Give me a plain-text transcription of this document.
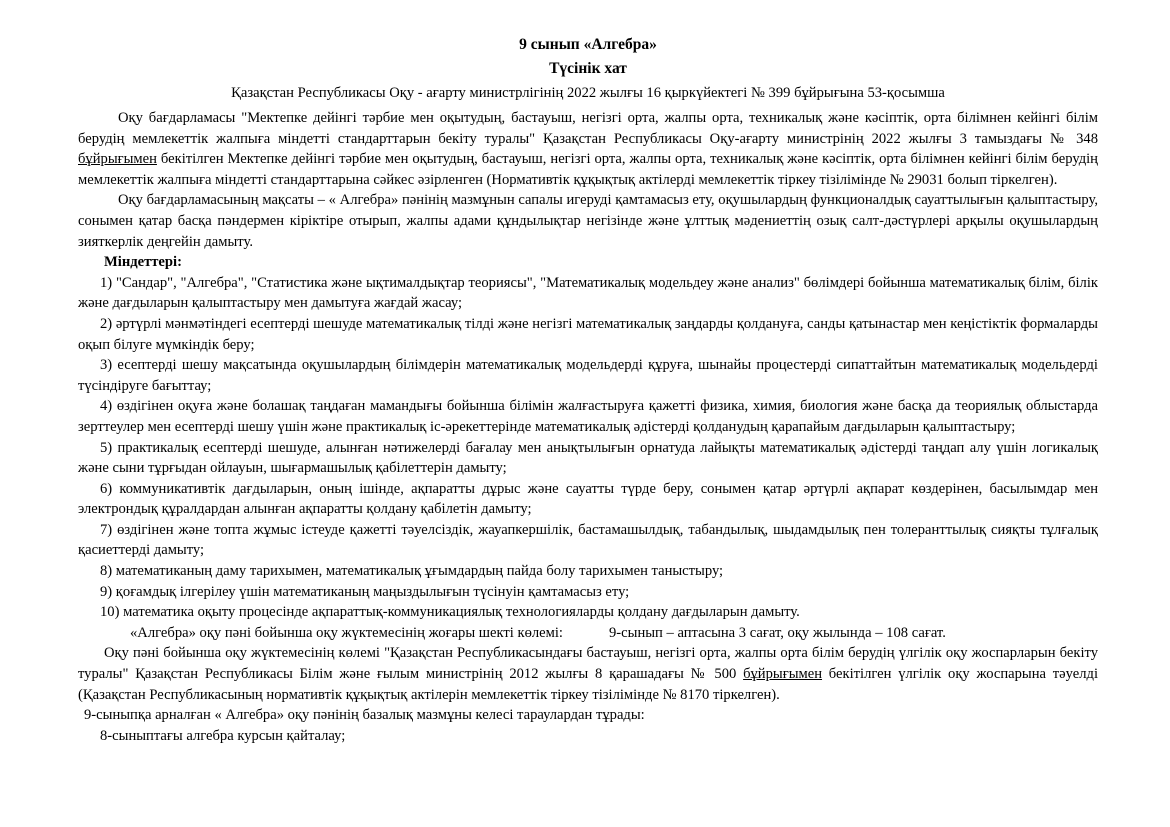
9 сынып «Алгебра»
Түсінік хат
Қазақстан Республикасы Оқу - ағарту министрлігінің 2022 жылғы 16 қыркүйектегі № 399 бұйрығына 53-қосымша

Оқу бағдарламасы "Мектепке дейінгі тәрбие мен оқытудың, бастауыш, негізгі орта, жалпы орта, техникалық және кәсіптік, орта білімнен кейінгі білім берудің мемлекеттік жалпыға міндетті стандарттарын бекіту туралы" Қазақстан Республикасы Оқу-ағарту министрінің 2022 жылғы 3 тамыздағы № 348 бұйрығымен бекітілген Мектепке дейінгі тәрбие мен оқытудың, бастауыш, негізгі орта, жалпы орта, техникалық және кәсіптік, орта білімнен кейінгі білім берудің мемлекеттік жалпыға міндетті стандарттарына сәйкес әзірленген (Нормативтік құқықтық актілерді мемлекеттік тіркеу тізілімінде № 29031 болып тіркелген).

Оқу бағдарламасының мақсаты – « Алгебра» пәнінің мазмұнын сапалы игеруді қамтамасыз ету, оқушылардың функционалдық сауаттылығын қалыптастыру, сонымен қатар басқа пәндермен кіріктіре отырып, жалпы адами құндылықтар негізінде және ұлттық мәдениеттің озық салт-дәстүрлері арқылы оқушылардың зияткерлік деңгейін дамыту.

Міндеттері:

1) "Сандар", "Алгебра", "Статистика және ықтималдықтар теориясы", "Математикалық модельдеу және анализ" бөлімдері бойынша математикалық білім, білік және дағдыларын қалыптастыру мен дамытуға жағдай жасау;

2) әртүрлі мәнмәтіндегі есептерді шешуде математикалық тілді және негізгі математикалық заңдарды қолдануға, санды қатынастар мен кеңістіктік формаларды оқып білуге мүмкіндік беру;

3) есептерді шешу мақсатында оқушылардың білімдерін математикалық модельдерді құруға, шынайы процестерді сипаттайтын математикалық модельдерді түсіндіруге бағыттау;

4) өздігінен оқуға және болашақ таңдаған мамандығы бойынша білімін жалғастыруға қажетті физика, химия, биология және басқа да теориялық облыстарда зерттеулер мен есептерді шешу үшін және практикалық іс-әрекеттерінде математикалық әдістерді қолданудың қарапайым дағдыларын қалыптастыру;

5) практикалық есептерді шешуде, алынған нәтижелерді бағалау мен анықтылығын орнатуда лайықты математикалық әдістерді таңдап алу үшін логикалық және сыни тұрғыдан ойлауын, шығармашылық қабілеттерін дамыту;

6) коммуникативтік дағдыларын, оның ішінде, ақпаратты дұрыс және сауатты түрде беру, сонымен қатар әртүрлі ақпарат көздерінен, басылымдар мен электрондық құралдардан алынған ақпаратты қолдану қабілетін дамыту;

7) өздігінен және топта жұмыс істеуде қажетті тәуелсіздік, жауапкершілік, бастамашылдық, табандылық, шыдамдылық пен толеранттылық сияқты тұлғалық қасиеттерді дамыту;

8) математиканың даму тарихымен, математикалық ұғымдардың пайда болу тарихымен таныстыру;

9) қоғамдық ілгерілеу үшін математиканың маңыздылығын түсінуін қамтамасыз ету;

10) математика оқыту процесінде ақпараттық-коммуникациялық технологияларды қолдану дағдыларын дамыту.

«Алгебра» оқу пәні бойынша оқу жүктемесінің жоғары шекті көлемі:	9-сынып – аптасына 3 сағат, оқу жылында – 108 сағат.

Оқу пәні бойынша оқу жүктемесінің көлемі "Қазақстан Республикасындағы бастауыш, негізгі орта, жалпы орта білім берудің үлгілік оқу жоспарларын бекіту туралы" Қазақстан Республикасы Білім және ғылым министрінің 2012 жылғы 8 қарашадағы № 500 бұйрығымен бекітілген үлгілік оқу жоспарына тәуелді (Қазақстан Республикасының нормативтік құқықтық актілерін мемлекеттік тіркеу тізілімінде № 8170 тіркелген).

9-сыныпқа арналған « Алгебра» оқу пәнінің базалық мазмұны келесі тараулардан тұрады:

8-сыныптағы алгебра курсын қайталау;
